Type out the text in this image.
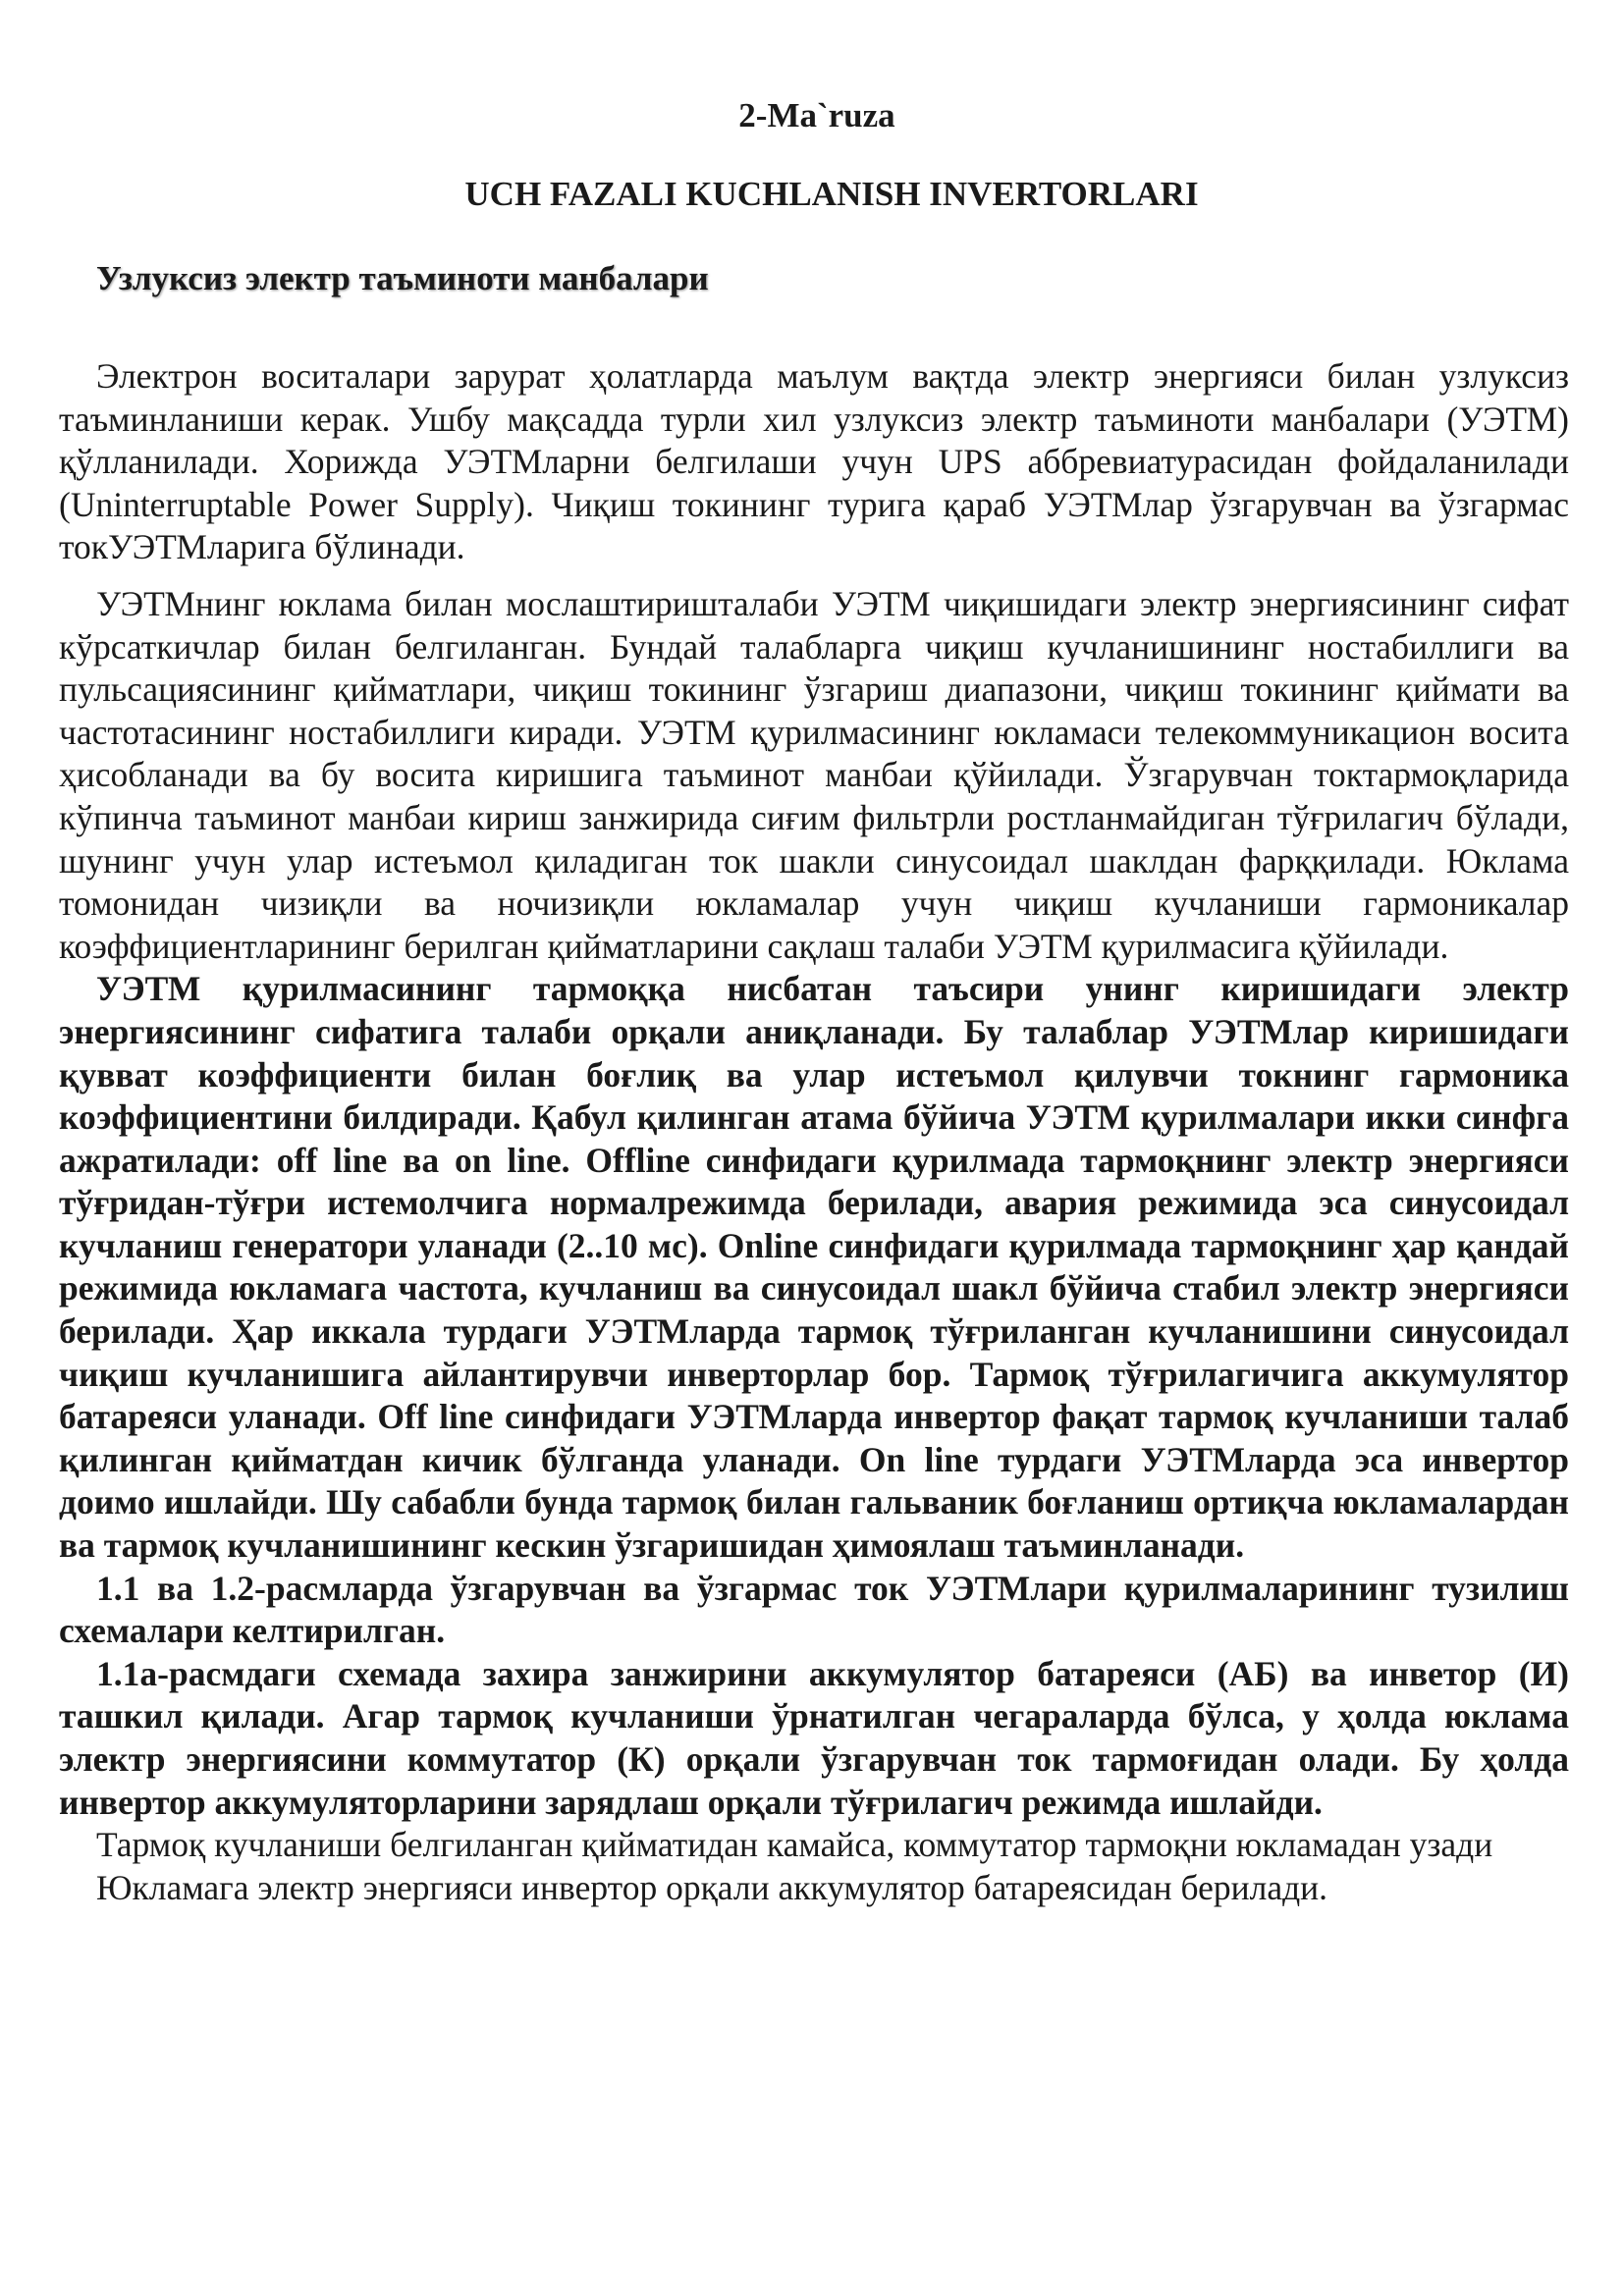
2-Ma`ruza
UCH FAZALI KUCHLANISH INVERTORLARI
Узлуксиз электр таъминоти манбалари

Электрон воситалари зарурат ҳолатларда маълум вақтда электр энергияси билан узлуксиз таъминланиши керак. Ушбу мақсадда турли хил узлуксиз электр таъминоти манбалари (УЭТМ) қўлланилади. Хорижда УЭТМларни белгилаши учун UPS аббревиатурасидан фойдаланилади (Uninterruptable Power Supply). Чиқиш токининг турига қараб УЭТМлар ўзгарувчан ва ўзгармас токУЭТМларига бўлинади.

УЭТМнинг юклама билан мослаштиришталаби УЭТМ чиқишидаги электр энергиясининг сифат кўрсаткичлар билан белгиланган. Бундай талабларга чиқиш кучланишининг ностабиллиги ва пульсациясининг қийматлари, чиқиш токининг ўзгариш диапазони, чиқиш токининг қиймати ва частотасининг ностабиллиги киради. УЭТМ қурилмасининг юкламаси телекоммуникацион восита ҳисобланади ва бу восита киришига таъминот манбаи қўйилади. Ўзгарувчан токтармоқларида кўпинча таъминот манбаи кириш занжирида сиғим фильтрли ростланмайдиган тўғрилагич бўлади, шунинг учун улар истеъмол қиладиган ток шакли синусоидал шаклдан фарққилади. Юклама томонидан чизиқли ва ночизиқли юкламалар учун чиқиш кучланиши гармоникалар коэффициентларининг берилган қийматларини сақлаш талаби УЭТМ қурилмасига қўйилади.

УЭТМ қурилмасининг тармоққа нисбатан таъсири унинг киришидаги электр энергиясининг сифатига талаби орқали аниқланади. Бу талаблар УЭТМлар киришидаги қувват коэффициенти билан боғлиқ ва улар истеъмол қилувчи токнинг гармоника коэффициентини билдиради. Қабул қилинган атама бўйича УЭТМ қурилмалари икки синфга ажратилади: off line ва on line. Offline синфидаги қурилмада тармоқнинг электр энергияси тўғридан-тўғри истемолчига нормалрежимда берилади, авария режимида эса синусоидал кучланиш генератори уланади (2..10 мс). Online синфидаги қурилмада тармоқнинг ҳар қандай режимида юкламага частота, кучланиш ва синусоидал шакл бўйича стабил электр энергияси берилади. Ҳар иккала турдаги УЭТМларда тармоқ тўғриланган кучланишини синусоидал чиқиш кучланишига айлантирувчи инверторлар бор. Тармоқ тўғрилагичига аккумулятор батареяси уланади. Off line синфидаги УЭТМларда инвертор фақат тармоқ кучланиши талаб қилинган қийматдан кичик бўлганда уланади. On line турдаги УЭТМларда эса инвертор доимо ишлайди. Шу сабабли бунда тармоқ билан гальваник боғланиш ортиқча юкламалардан ва тармоқ кучланишининг кескин ўзгаришидан ҳимоялаш таъминланади.

1.1 ва 1.2-расмларда ўзгарувчан ва ўзгармас ток УЭТМлари қурилмаларининг тузилиш схемалари келтирилган.

1.1а-расмдаги схемада захира занжирини аккумулятор батареяси (АБ) ва инветор (И) ташкил қилади. Агар тармоқ кучланиши ўрнатилган чегараларда бўлса, у ҳолда юклама электр энергиясини коммутатор (К) орқали ўзгарувчан ток тармоғидан олади. Бу ҳолда инвертор аккумуляторларини зарядлаш орқали тўғрилагич режимда ишлайди.

Тармоқ кучланиши белгиланган қийматидан камайса, коммутатор тармоқни юкламадан узади

Юкламага электр энергияси инвертор орқали аккумулятор батареясидан берилади.
